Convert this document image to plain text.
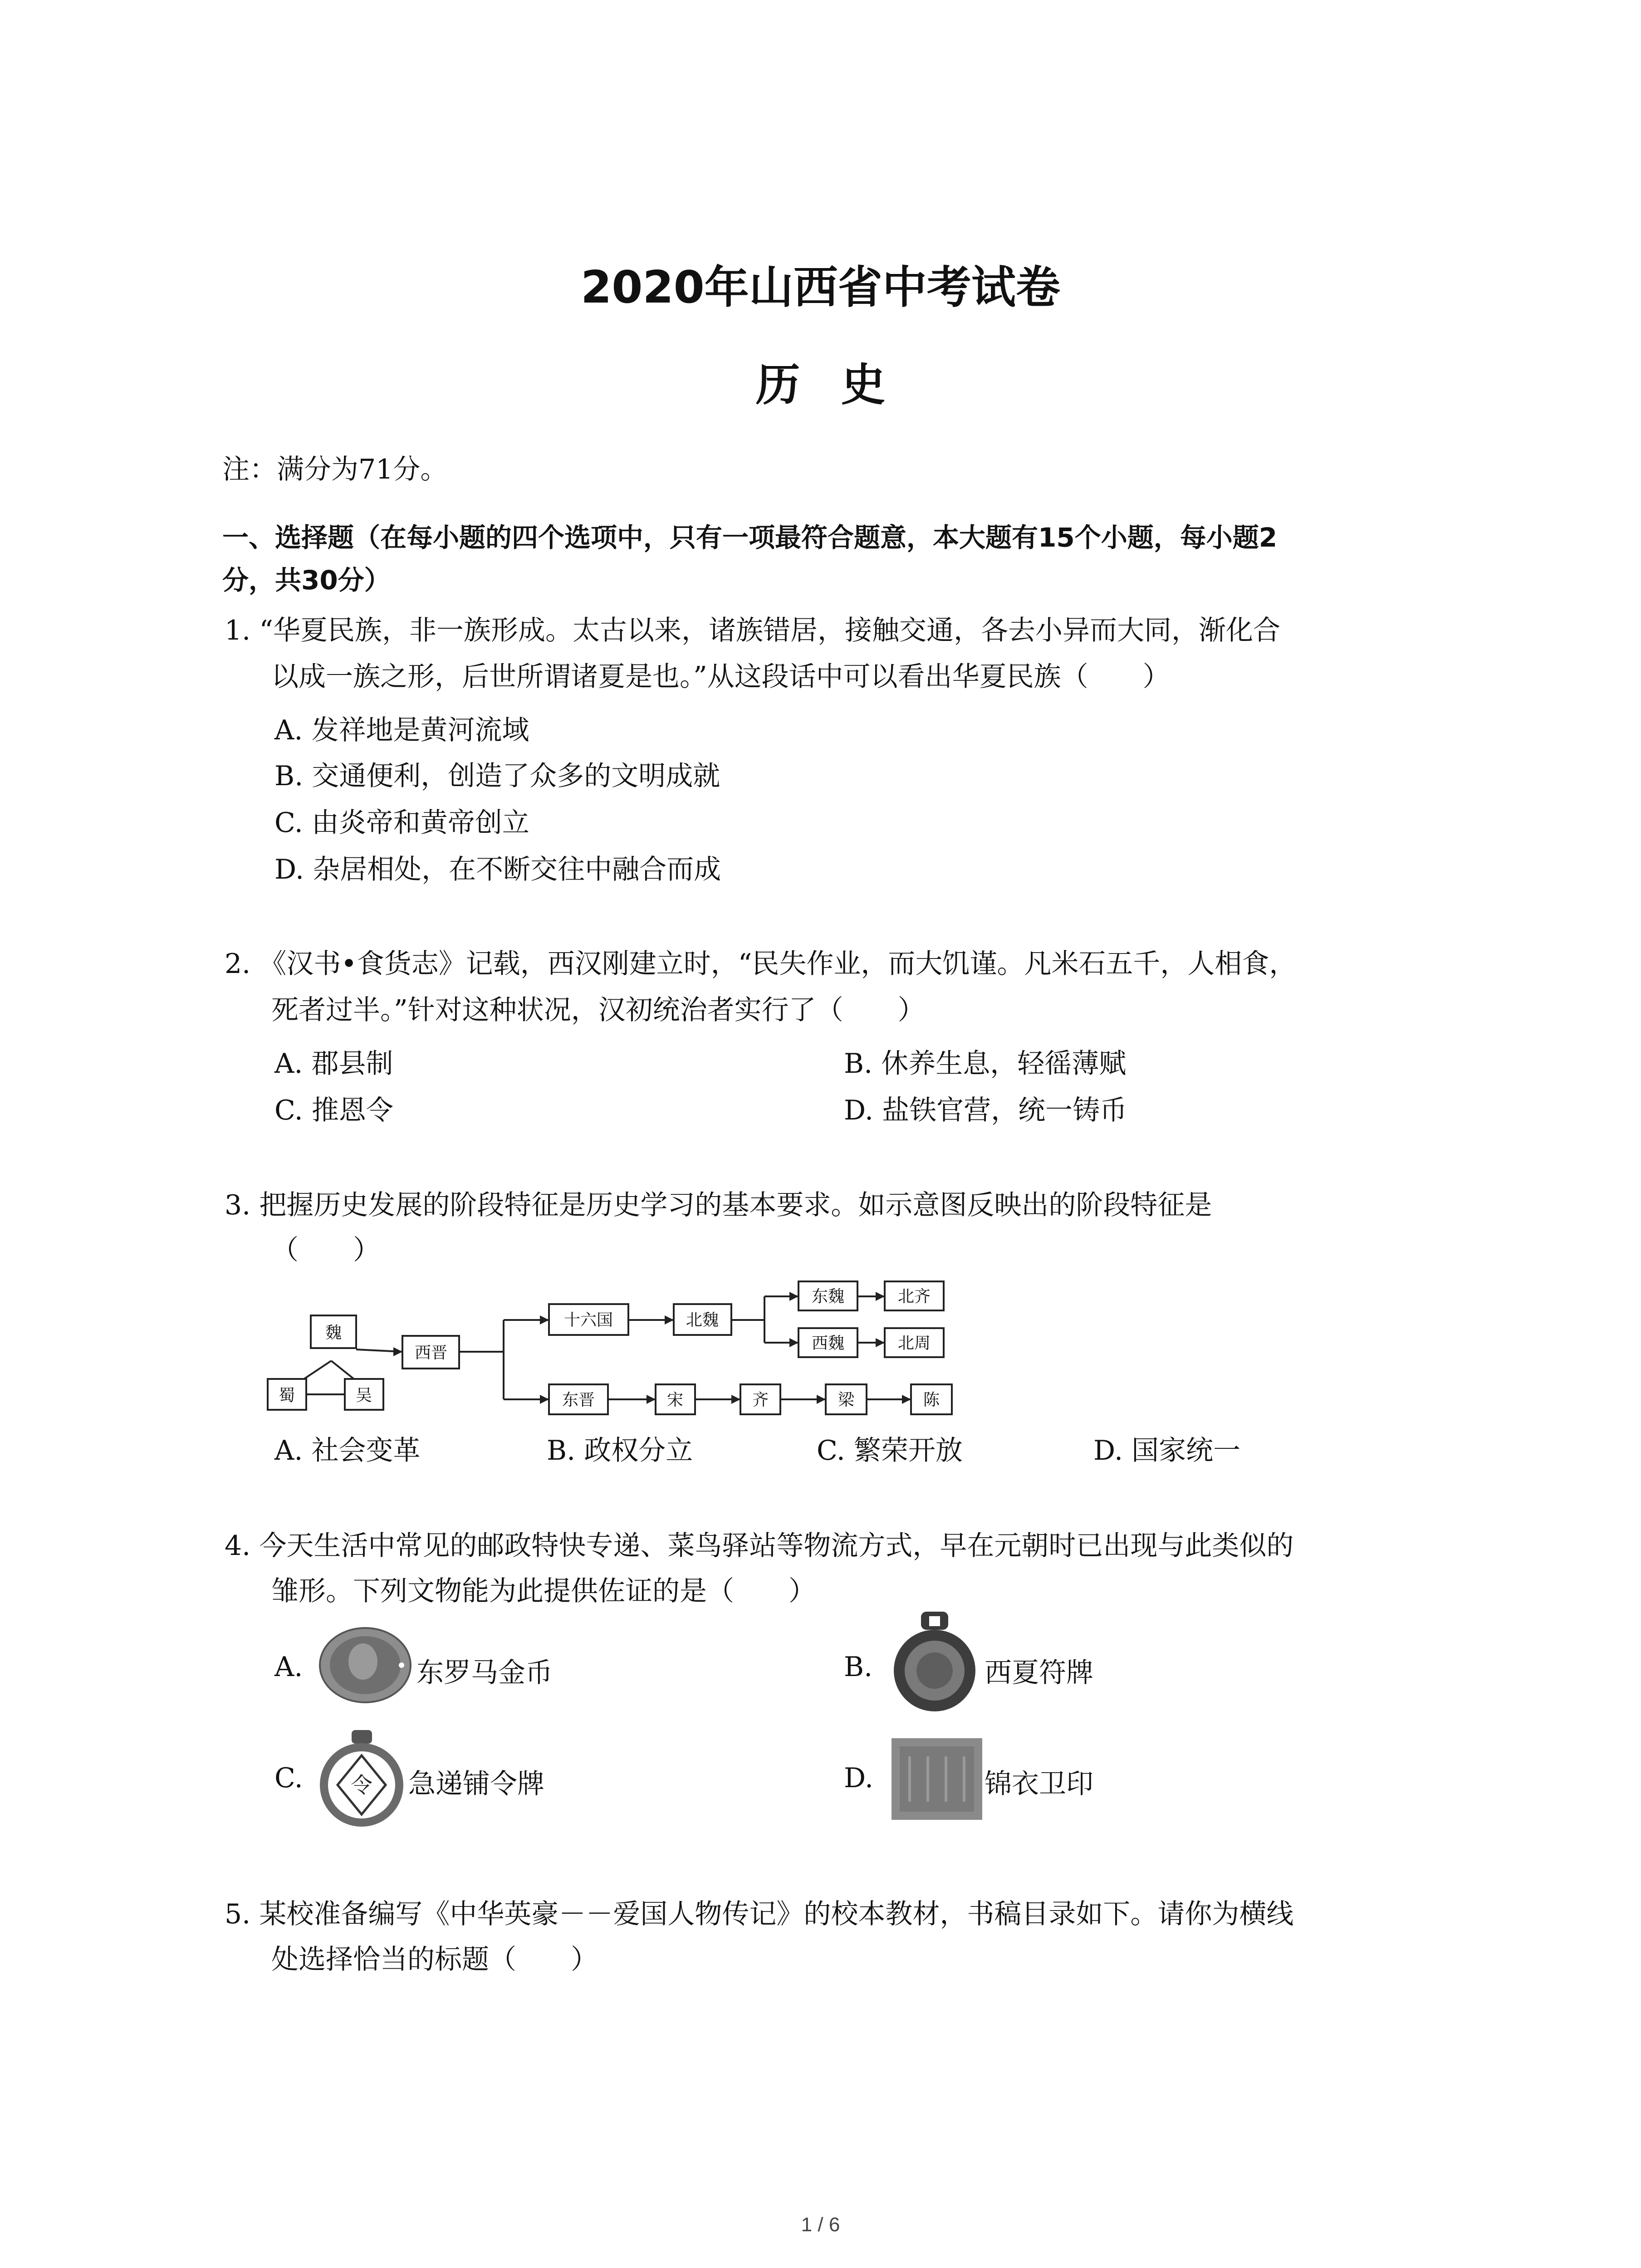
2020年山西省中考试卷
历史
注：满分为71分。
一、选择题（在每小题的四个选项中，只有一项最符合题意，本大题有15个小题，每小题2
分，共30分）
1. “华夏民族，非一族形成。太古以来，诸族错居，接触交通，各去小异而大同，渐化合
以成一族之形，后世所谓诸夏是也。”从这段话中可以看出华夏民族（　　）
A. 发祥地是黄河流域
B. 交通便利，创造了众多的文明成就
C. 由炎帝和黄帝创立
D. 杂居相处，在不断交往中融合而成
2. 《汉书•食货志》记载，西汉刚建立时，“民失作业，而大饥谨。凡米石五千，人相食，
死者过半。”针对这种状况，汉初统治者实行了（　　）
A. 郡县制	B. 休养生息，轻徭薄赋
C. 推恩令	D. 盐铁官营，统一铸币
3. 把握历史发展的阶段特征是历史学习的基本要求。如示意图反映出的阶段特征是
（　　）
魏
蜀	吴
西晋
十六国	北魏
东魏
西魏
北齐
北周
东晋	宋	齐	梁	陈
A. 社会变革	B. 政权分立	C. 繁荣开放	D. 国家统一
4. 今天生活中常见的邮政特快专递、菜鸟驿站等物流方式，早在元朝时已出现与此类似的
雏形。下列文物能为此提供佐证的是（　　）
A.	东罗马金币	B.	西夏符牌
C. 令 急递铺令牌	D.	锦衣卫印
5. 某校准备编写《中华英豪－－爱国人物传记》的校本教材，书稿目录如下。请你为横线
处选择恰当的标题（　　）
1 / 6
